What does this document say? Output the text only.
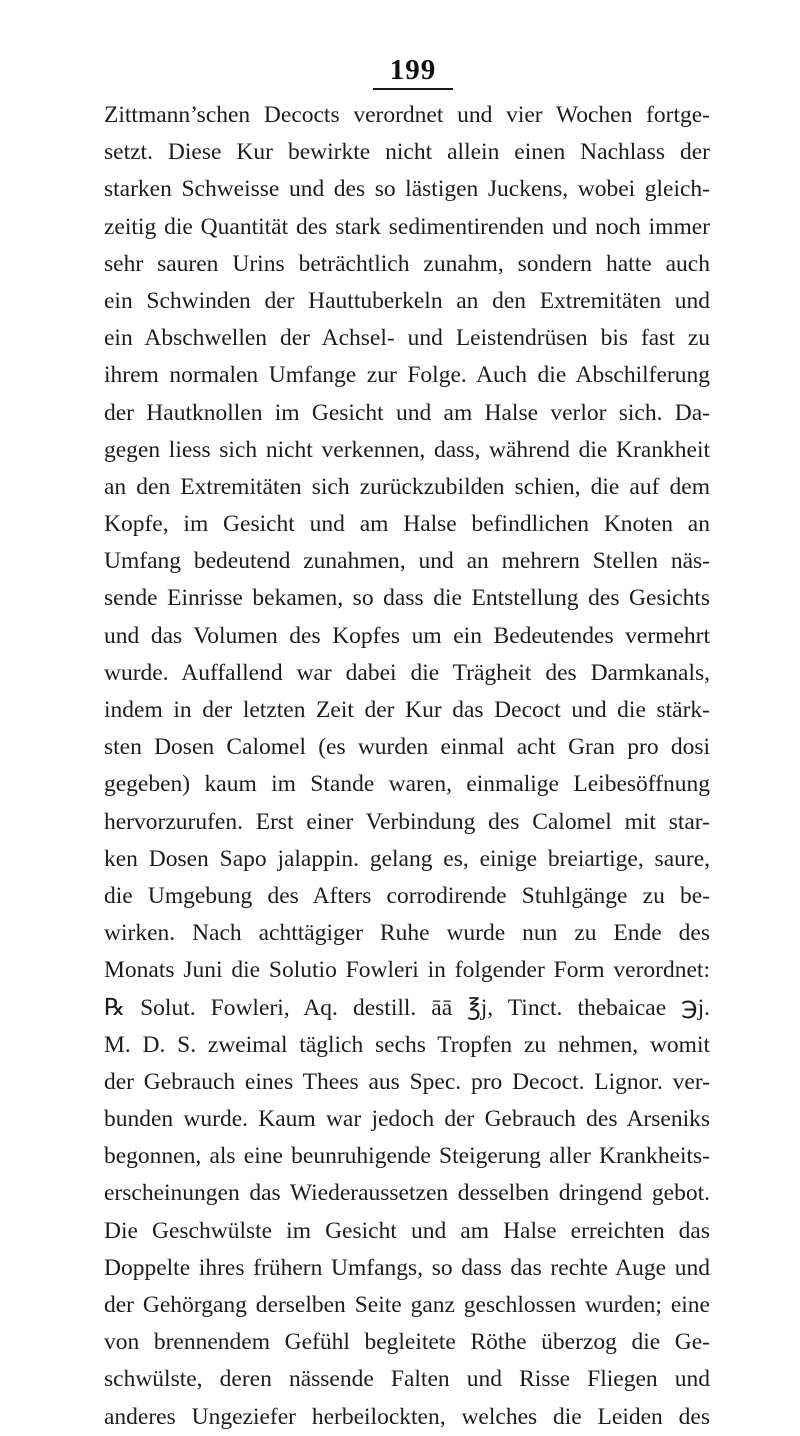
199
Zittmann’schen Decocts verordnet und vier Wochen fortge-
setzt. Diese Kur bewirkte nicht allein einen Nachlass der
starken Schweisse und des so lästigen Juckens, wobei gleich-
zeitig die Quantität des stark sedimentirenden und noch immer
sehr sauren Urins beträchtlich zunahm, sondern hatte auch
ein Schwinden der Hauttuberkeln an den Extremitäten und
ein Abschwellen der Achsel- und Leistendrüsen bis fast zu
ihrem normalen Umfange zur Folge. Auch die Abschilferung
der Hautknollen im Gesicht und am Halse verlor sich. Da-
gegen liess sich nicht verkennen, dass, während die Krankheit
an den Extremitäten sich zurückzubilden schien, die auf dem
Kopfe, im Gesicht und am Halse befindlichen Knoten an
Umfang bedeutend zunahmen, und an mehrern Stellen näs-
sende Einrisse bekamen, so dass die Entstellung des Gesichts
und das Volumen des Kopfes um ein Bedeutendes vermehrt
wurde. Auffallend war dabei die Trägheit des Darmkanals,
indem in der letzten Zeit der Kur das Decoct und die stärk-
sten Dosen Calomel (es wurden einmal acht Gran pro dosi
gegeben) kaum im Stande waren, einmalige Leibesöffnung
hervorzurufen. Erst einer Verbindung des Calomel mit star-
ken Dosen Sapo jalappin. gelang es, einige breiartige, saure,
die Umgebung des Afters corrodirende Stuhlgänge zu be-
wirken. Nach achttägiger Ruhe wurde nun zu Ende des
Monats Juni die Solutio Fowleri in folgender Form verordnet:
℞ Solut. Fowleri, Aq. destill. āā ℥j, Tinct. thebaicae ℈j.
M. D. S. zweimal täglich sechs Tropfen zu nehmen, womit
der Gebrauch eines Thees aus Spec. pro Decoct. Lignor. ver-
bunden wurde. Kaum war jedoch der Gebrauch des Arseniks
begonnen, als eine beunruhigende Steigerung aller Krankheits-
erscheinungen das Wiederaussetzen desselben dringend gebot.
Die Geschwülste im Gesicht und am Halse erreichten das
Doppelte ihres frühern Umfangs, so dass das rechte Auge und
der Gehörgang derselben Seite ganz geschlossen wurden; eine
von brennendem Gefühl begleitete Röthe überzog die Ge-
schwülste, deren nässende Falten und Risse Fliegen und
anderes Ungeziefer herbeilockten, welches die Leiden des
